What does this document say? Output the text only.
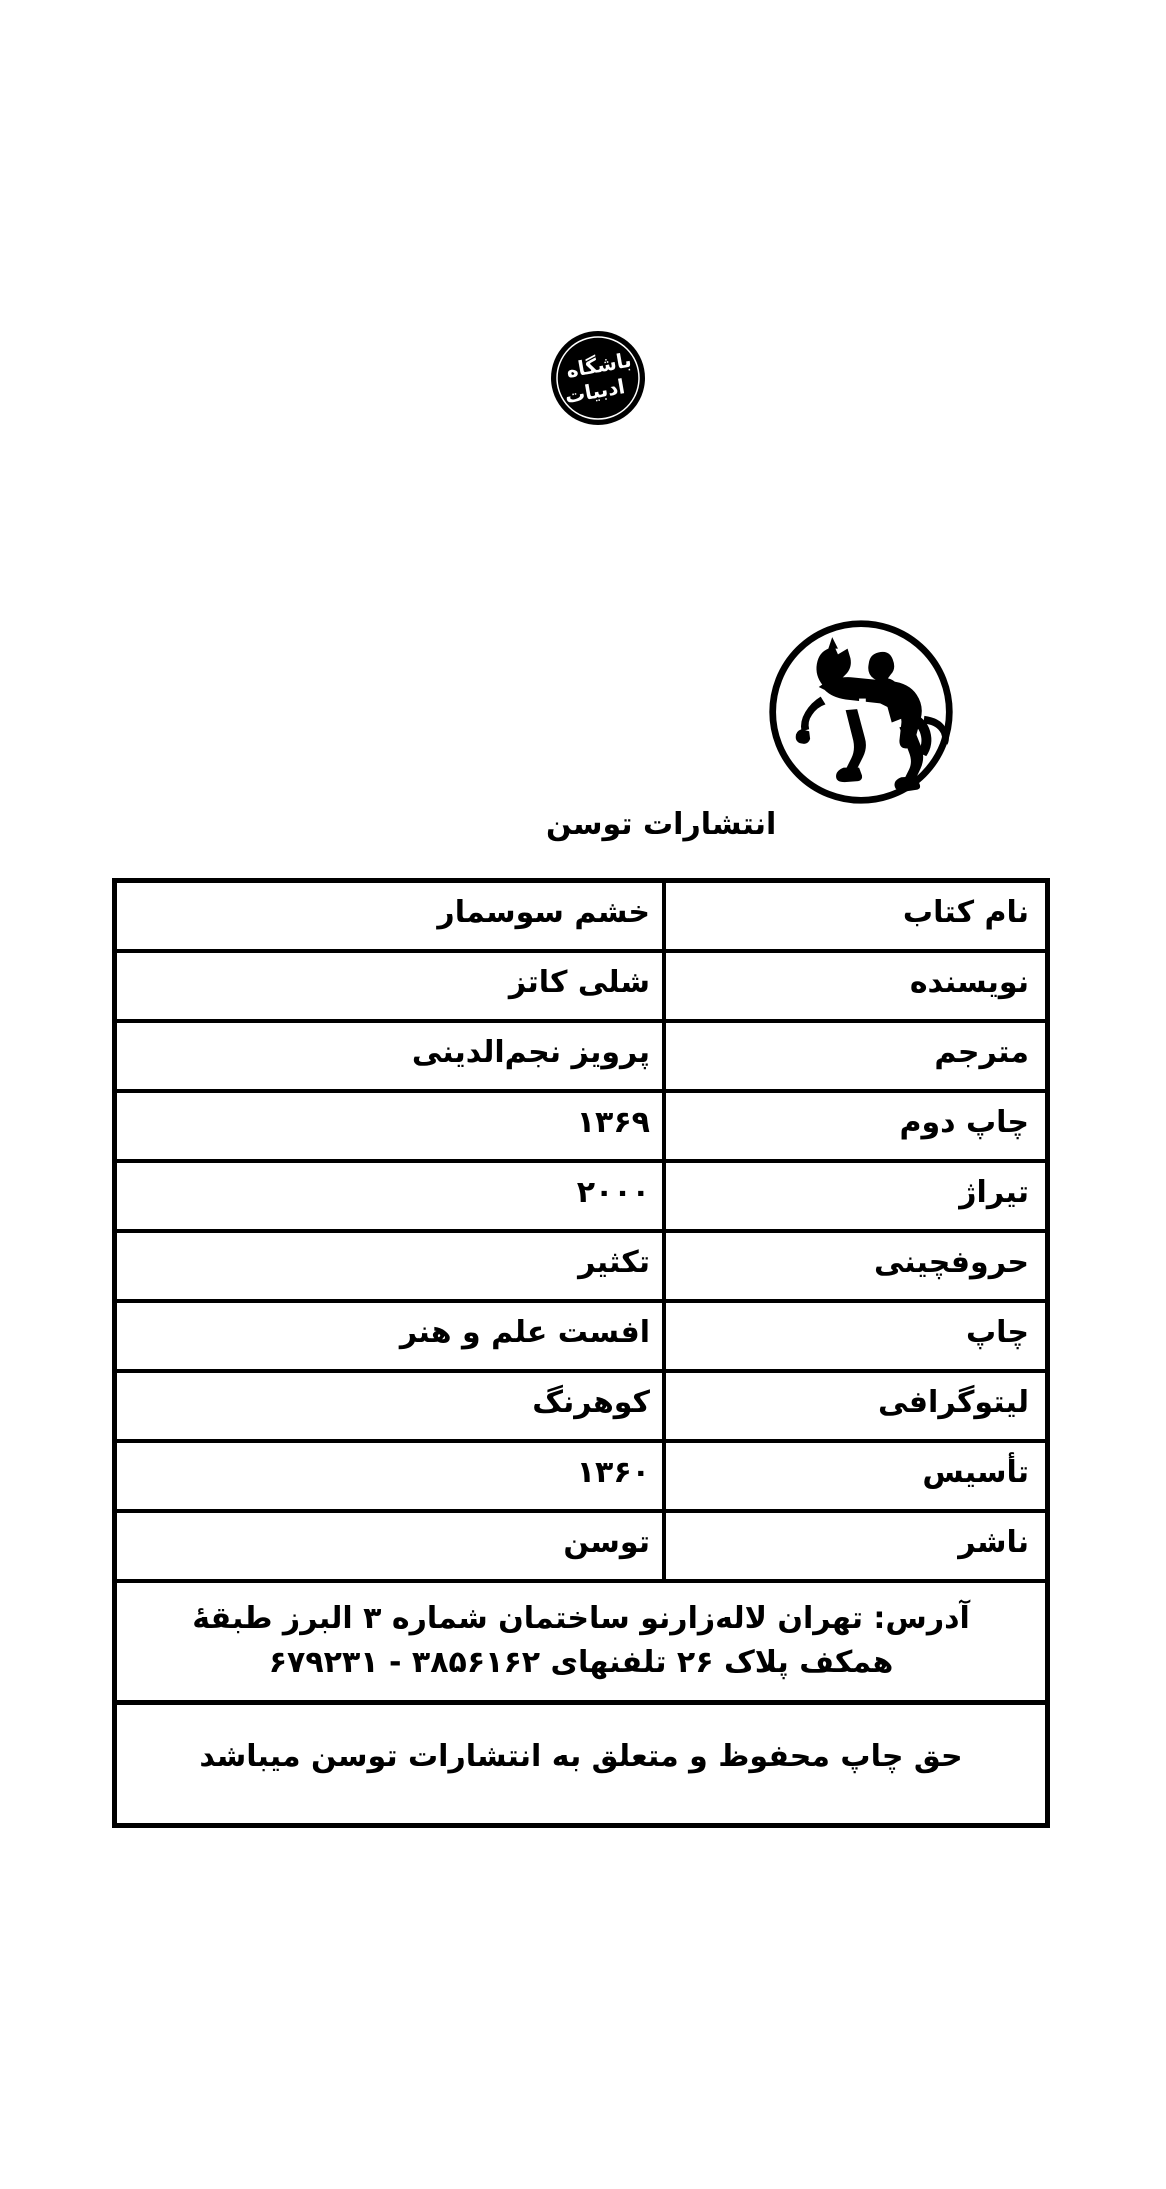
باشگاه
ادبیات
انتشارات توسن
نام کتاب
خشم سوسمار
نویسنده
شلی کاتز
مترجم
پرویز نجم‌الدینی
چاپ دوم
۱۳۶۹
تیراژ
۲۰۰۰
حروفچینی
تکثیر
چاپ
افست علم و هنر
لیتوگرافی
کوهرنگ
تأسیس
۱۳۶۰
ناشر
توسن
آدرس: تهران لاله‌زارنو ساختمان شماره ۳ البرز طبقهٔ
همکف پلاک ۲۶ تلفنهای ۳۸۵۶۱۶۲ - ۶۷۹۲۳۱
حق چاپ محفوظ و متعلق به انتشارات توسن میباشد
